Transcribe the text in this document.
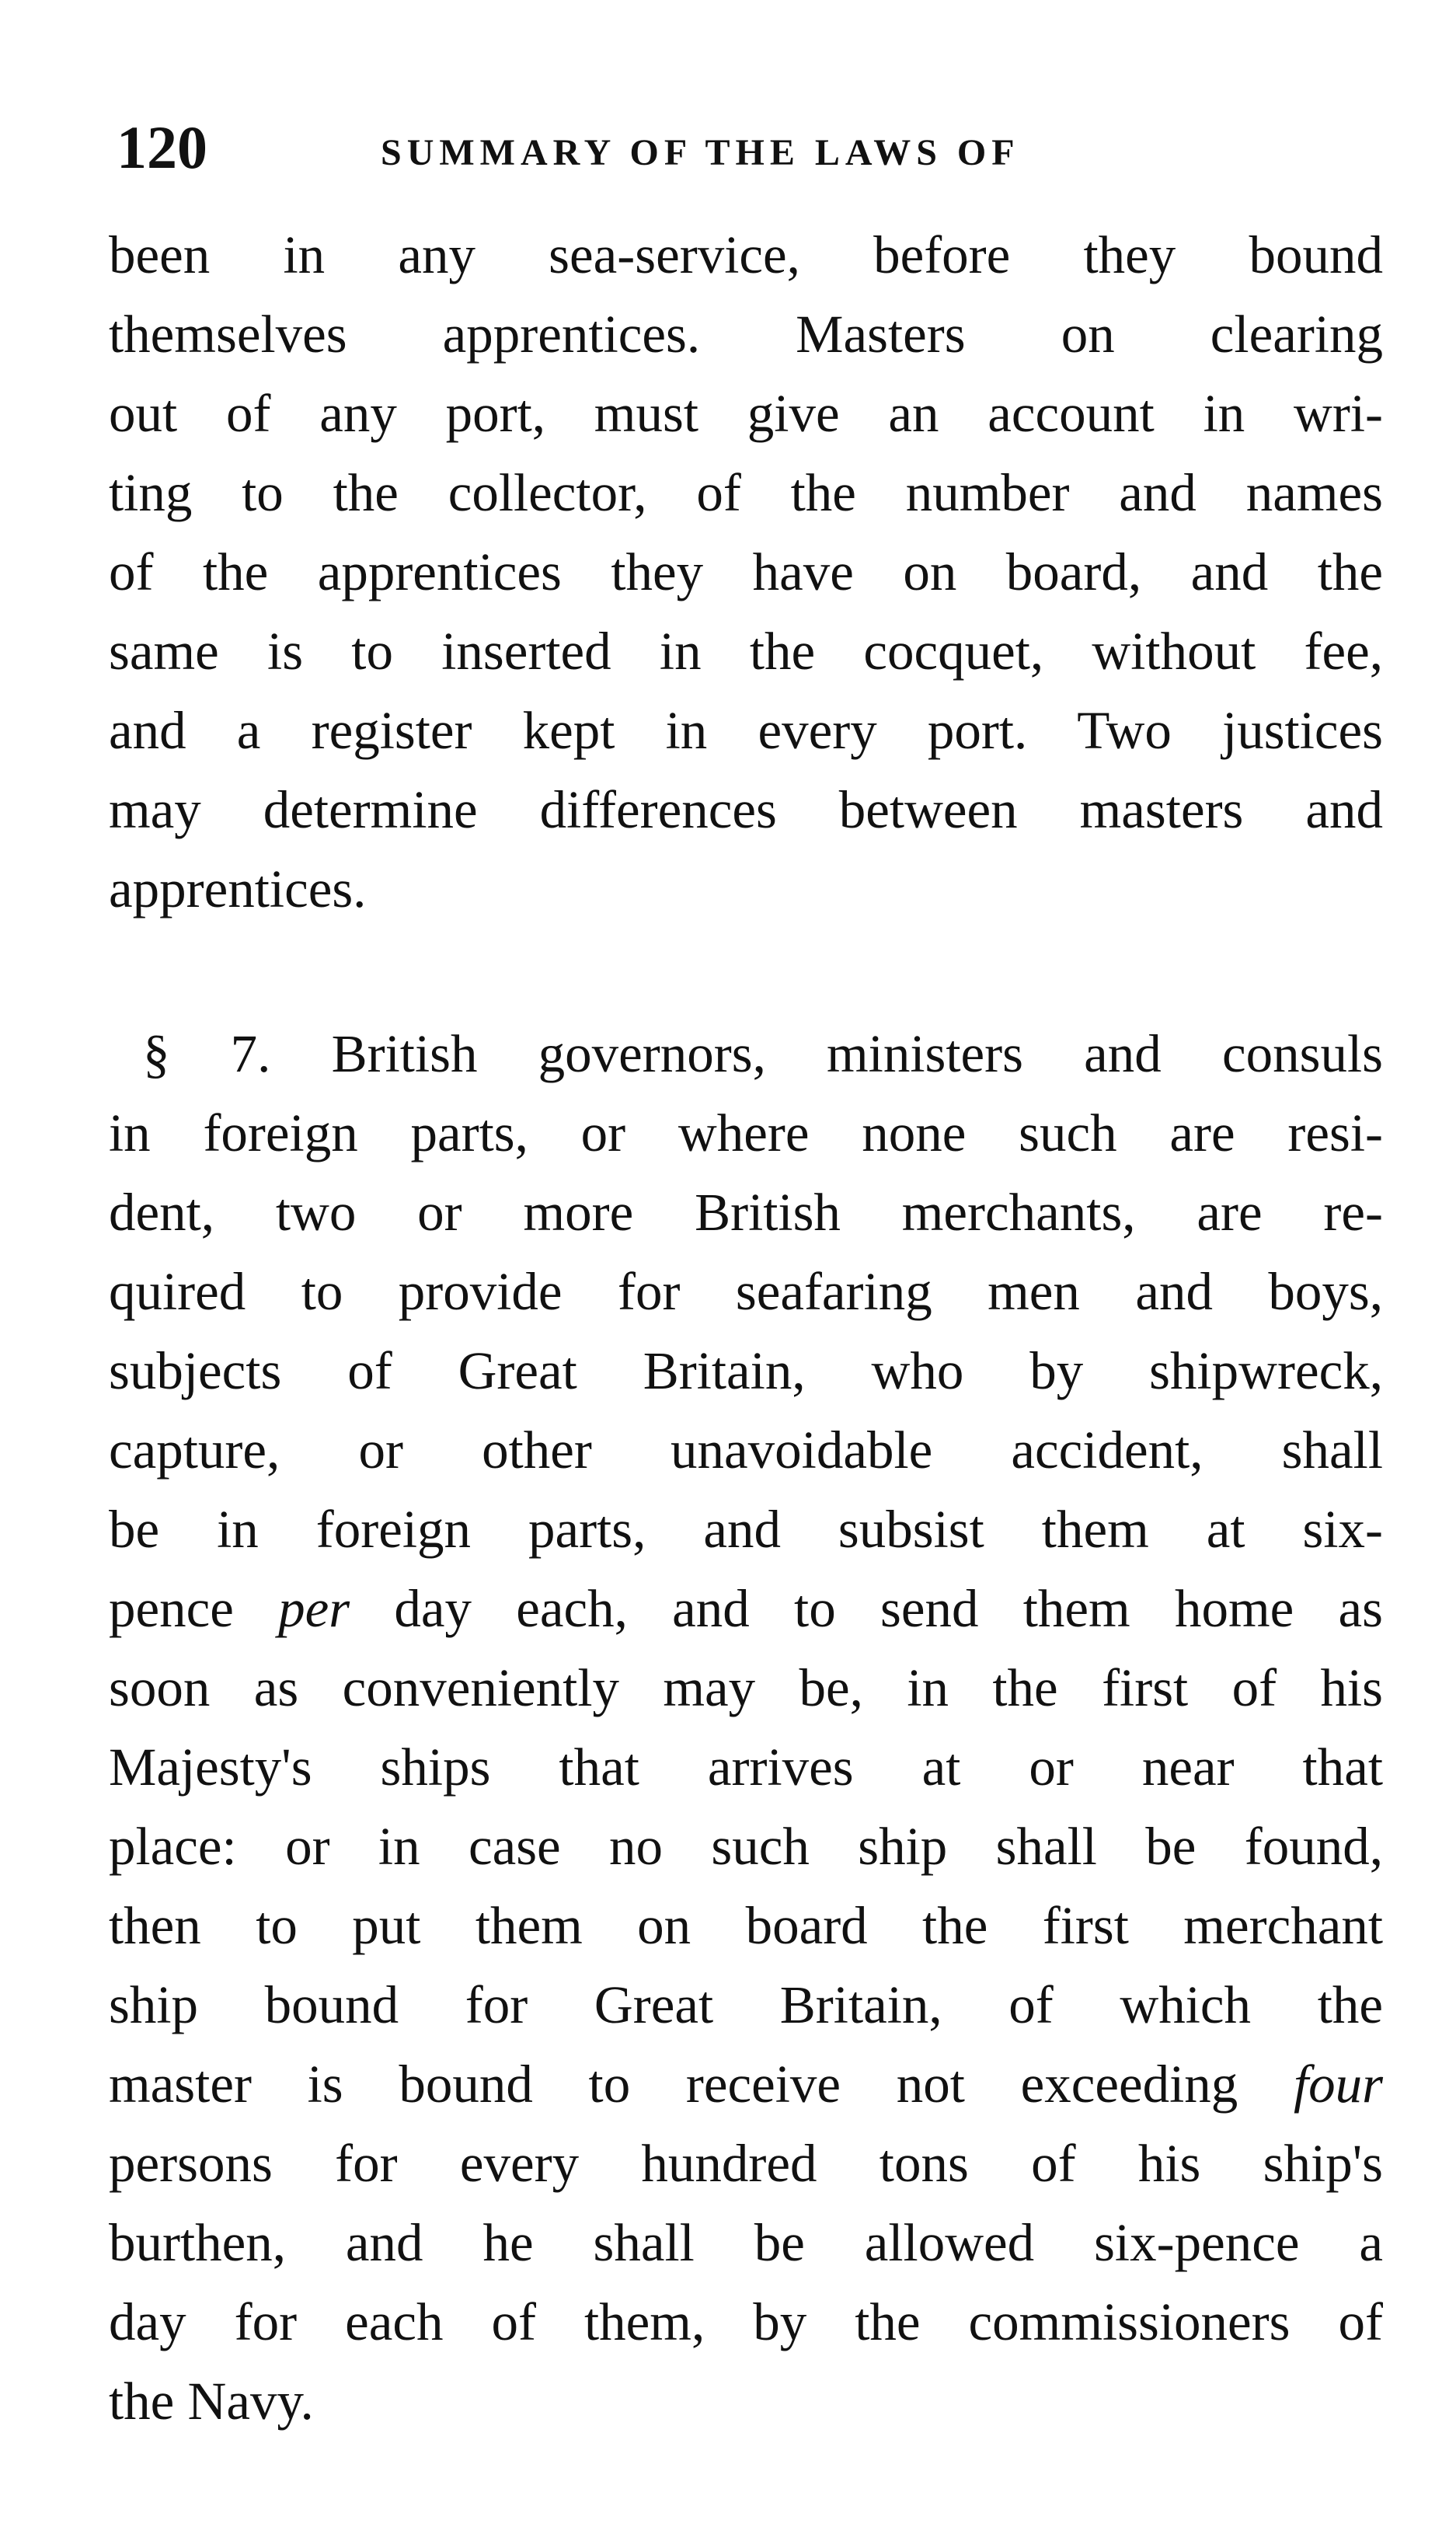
120	SUMMARY OF THE LAWS OF
been in any sea-service, before they bound
themselves apprentices. Masters on clearing
out of any port, must give an account in wri-
ting to the collector, of the number and names
of the apprentices they have on board, and the
same is to inserted in the cocquet, without fee,
and a register kept in every port. Two justices
may determine differences between masters and
apprentices.
§ 7. British governors, ministers and consuls
in foreign parts, or where none such are resi-
dent, two or more British merchants, are re-
quired to provide for seafaring men and boys,
subjects of Great Britain, who by shipwreck,
capture, or other unavoidable accident, shall
be in foreign parts, and subsist them at six-
pence per day each, and to send them home as
soon as conveniently may be, in the first of his
Majesty's ships that arrives at or near that
place: or in case no such ship shall be found,
then to put them on board the first merchant
ship bound for Great Britain, of which the
master is bound to receive not exceeding four
persons for every hundred tons of his ship's
burthen, and he shall be allowed six-pence a
day for each of them, by the commissioners of
the Navy.
